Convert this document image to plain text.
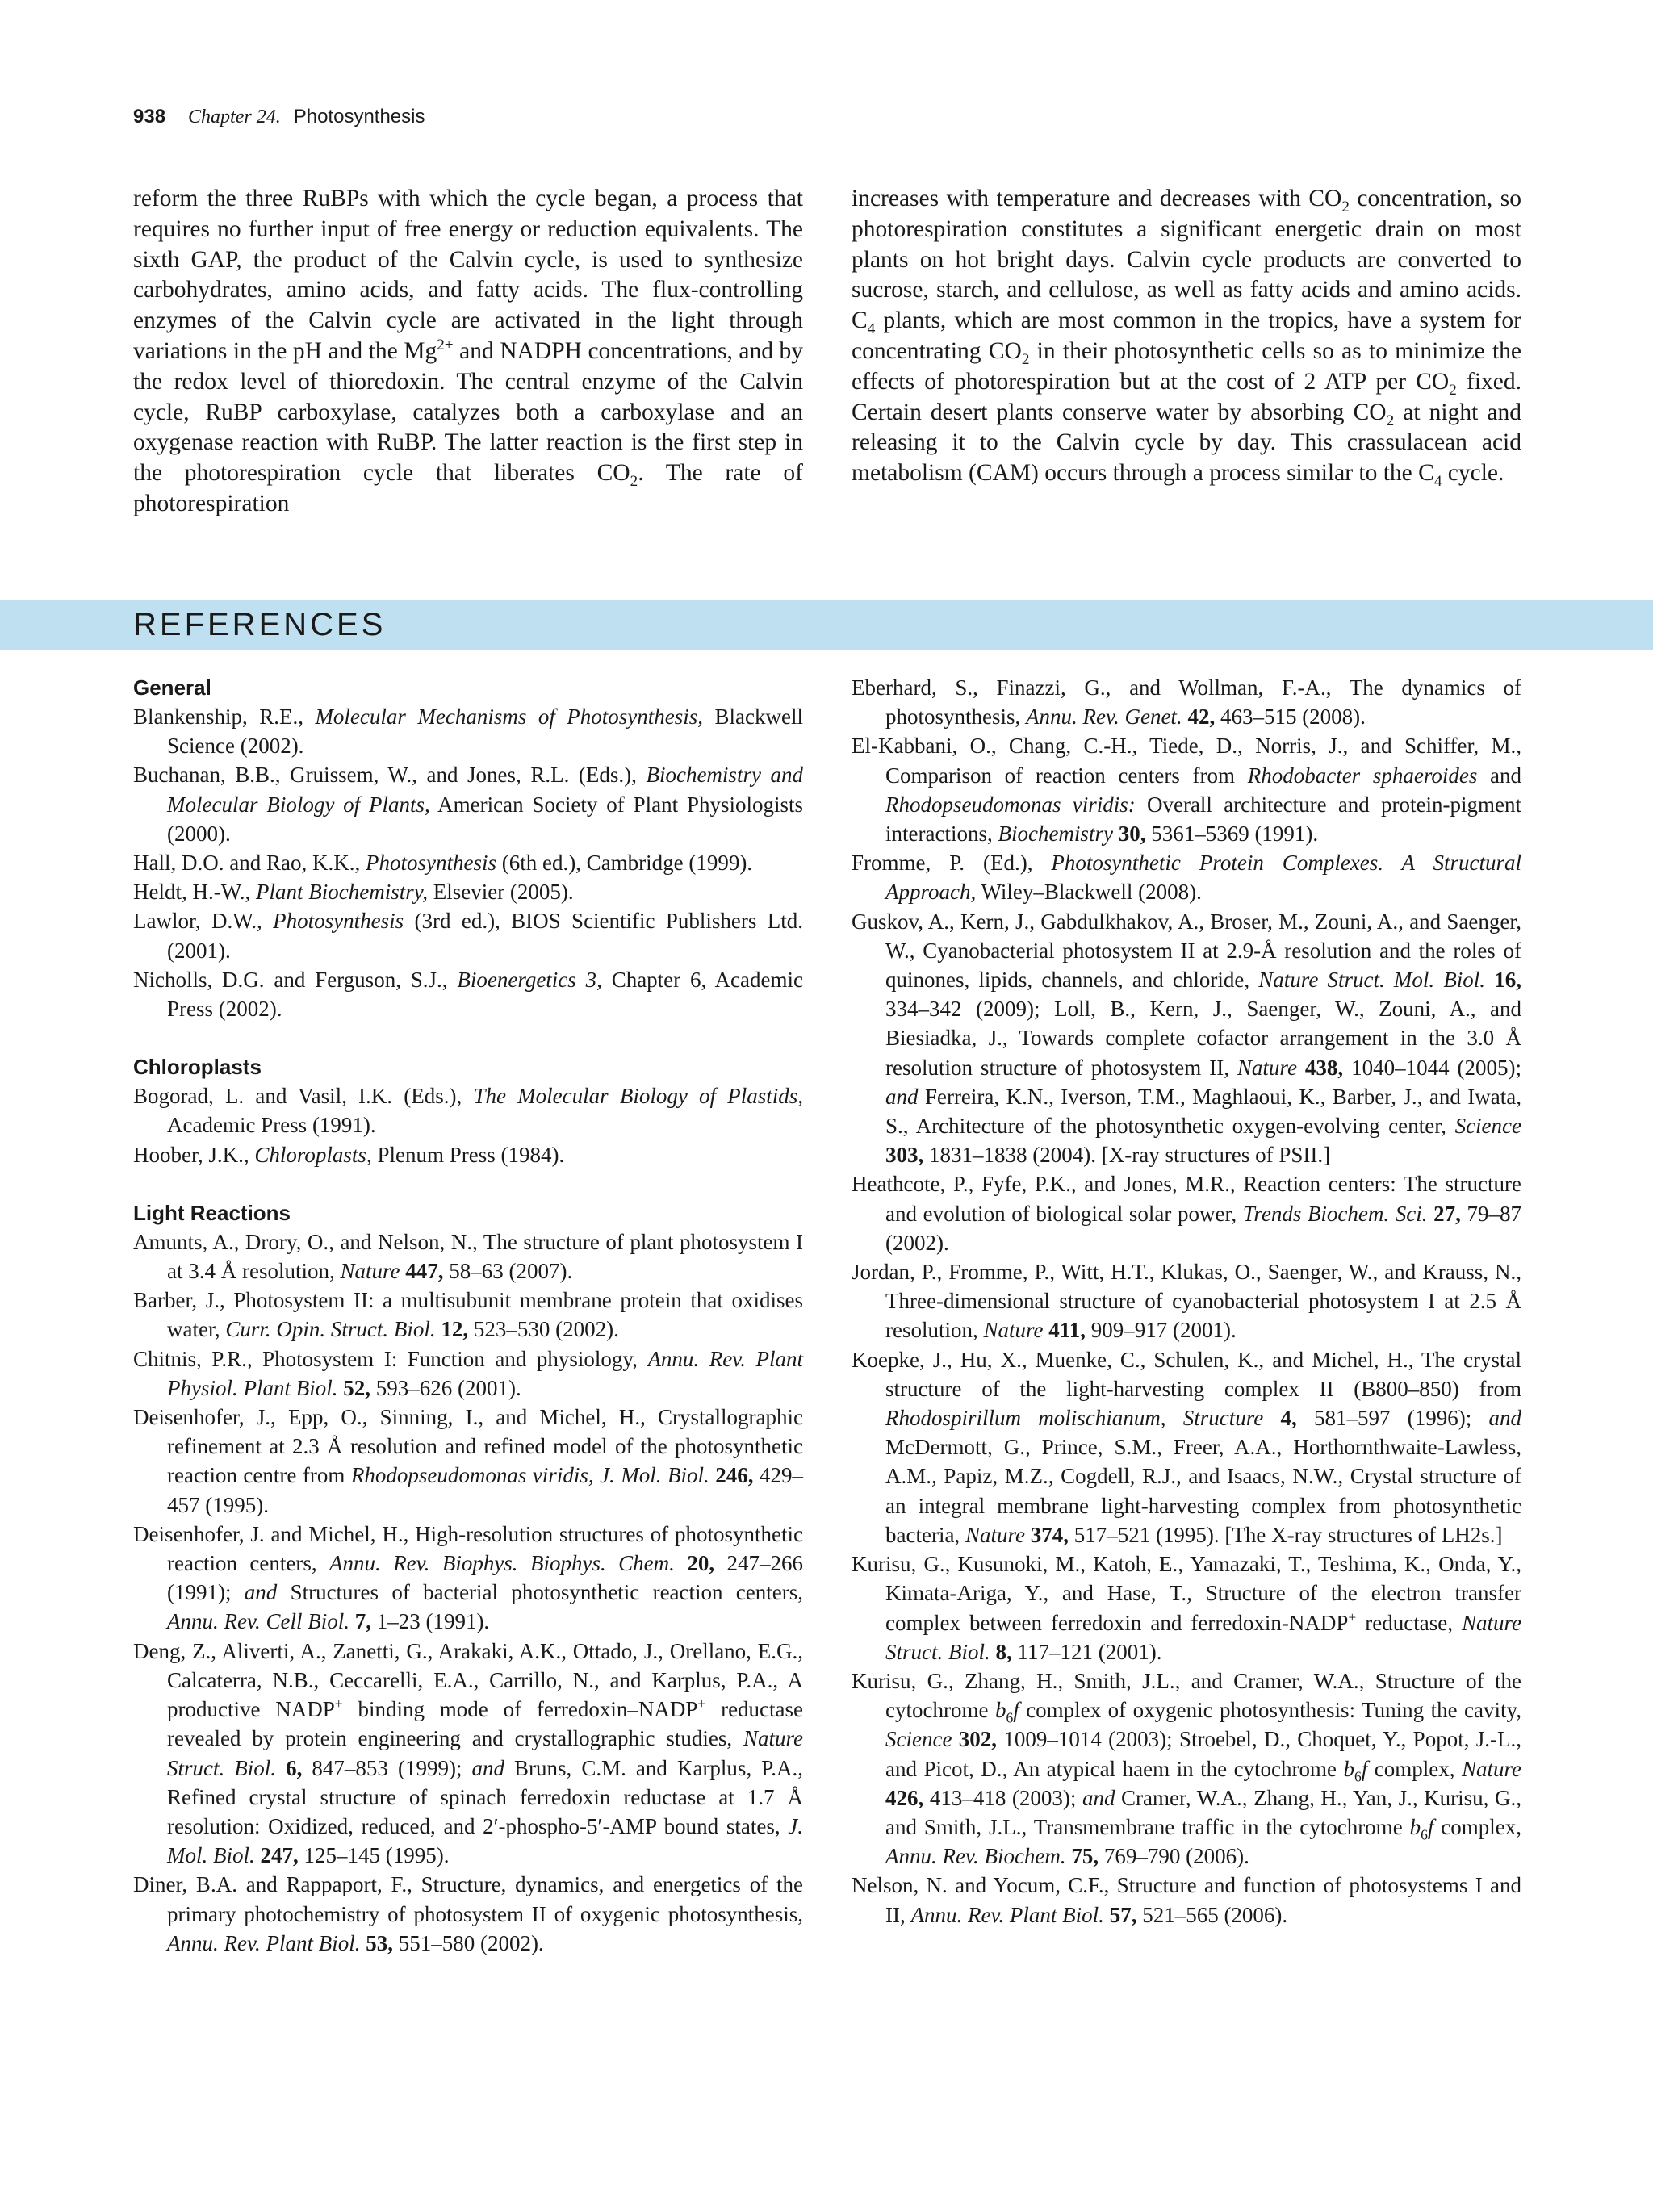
938 Chapter 24. Photosynthesis
reform the three RuBPs with which the cycle began, a process that requires no further input of free energy or reduction equivalents. The sixth GAP, the product of the Calvin cycle, is used to synthesize carbohydrates, amino acids, and fatty acids. The flux-controlling enzymes of the Calvin cycle are activated in the light through variations in the pH and the $Mg^{2+}$ and NADPH concentrations, and by the redox level of thioredoxin. The central enzyme of the Calvin cycle, RuBP carboxylase, catalyzes both a carboxylase and an oxygenase reaction with RuBP. The latter reaction is the first step in the photorespiration cycle that liberates $CO_2$. The rate of photorespiration
increases with temperature and decreases with $CO_2$ concentration, so photorespiration constitutes a significant energetic drain on most plants on hot bright days. Calvin cycle products are converted to sucrose, starch, and cellulose, as well as fatty acids and amino acids. $C_4$ plants, which are most common in the tropics, have a system for concentrating $CO_2$ in their photosynthetic cells so as to minimize the effects of photorespiration but at the cost of 2 ATP per $CO_2$ fixed. Certain desert plants conserve water by absorbing $CO_2$ at night and releasing it to the Calvin cycle by day. This crassulacean acid metabolism (CAM) occurs through a process similar to the $C_4$ cycle.
REFERENCES
General

Blankenship, R.E., Molecular Mechanisms of Photosynthesis, Blackwell Science (2002).

Buchanan, B.B., Gruissem, W., and Jones, R.L. (Eds.), Biochemistry and Molecular Biology of Plants, American Society of Plant Physiologists (2000).

Hall, D.O. and Rao, K.K., Photosynthesis (6th ed.), Cambridge (1999).

Heldt, H.-W., Plant Biochemistry, Elsevier (2005).

Lawlor, D.W., Photosynthesis (3rd ed.), BIOS Scientific Publishers Ltd. (2001).

Nicholls, D.G. and Ferguson, S.J., Bioenergetics 3, Chapter 6, Academic Press (2002).

Chloroplasts

Bogorad, L. and Vasil, I.K. (Eds.), The Molecular Biology of Plastids, Academic Press (1991).

Hoober, J.K., Chloroplasts, Plenum Press (1984).

Light Reactions

Amunts, A., Drory, O., and Nelson, N., The structure of plant photosystem I at 3.4 Å resolution, Nature 447, 58–63 (2007).

Barber, J., Photosystem II: a multisubunit membrane protein that oxidises water, Curr. Opin. Struct. Biol. 12, 523–530 (2002).

Chitnis, P.R., Photosystem I: Function and physiology, Annu. Rev. Plant Physiol. Plant Biol. 52, 593–626 (2001).

Deisenhofer, J., Epp, O., Sinning, I., and Michel, H., Crystallographic refinement at 2.3 Å resolution and refined model of the photosynthetic reaction centre from Rhodopseudomonas viridis, J. Mol. Biol. 246, 429–457 (1995).

Deisenhofer, J. and Michel, H., High-resolution structures of photosynthetic reaction centers, Annu. Rev. Biophys. Biophys. Chem. 20, 247–266 (1991); and Structures of bacterial photosynthetic reaction centers, Annu. Rev. Cell Biol. 7, 1–23 (1991).

Deng, Z., Aliverti, A., Zanetti, G., Arakaki, A.K., Ottado, J., Orellano, E.G., Calcaterra, N.B., Ceccarelli, E.A., Carrillo, N., and Karplus, P.A., A productive NADP+ binding mode of ferredoxin–NADP+ reductase revealed by protein engineering and crystallographic studies, Nature Struct. Biol. 6, 847–853 (1999); and Bruns, C.M. and Karplus, P.A., Refined crystal structure of spinach ferredoxin reductase at 1.7 Å resolution: Oxidized, reduced, and 2′-phospho-5′-AMP bound states, J. Mol. Biol. 247, 125–145 (1995).

Diner, B.A. and Rappaport, F., Structure, dynamics, and energetics of the primary photochemistry of photosystem II of oxygenic photosynthesis, Annu. Rev. Plant Biol. 53, 551–580 (2002).

Eberhard, S., Finazzi, G., and Wollman, F.-A., The dynamics of photosynthesis, Annu. Rev. Genet. 42, 463–515 (2008).

El-Kabbani, O., Chang, C.-H., Tiede, D., Norris, J., and Schiffer, M., Comparison of reaction centers from Rhodobacter sphaeroides and Rhodopseudomonas viridis: Overall architecture and protein-pigment interactions, Biochemistry 30, 5361–5369 (1991).

Fromme, P. (Ed.), Photosynthetic Protein Complexes. A Structural Approach, Wiley–Blackwell (2008).

Guskov, A., Kern, J., Gabdulkhakov, A., Broser, M., Zouni, A., and Saenger, W., Cyanobacterial photosystem II at 2.9-Å resolution and the roles of quinones, lipids, channels, and chloride, Nature Struct. Mol. Biol. 16, 334–342 (2009); Loll, B., Kern, J., Saenger, W., Zouni, A., and Biesiadka, J., Towards complete cofactor arrangement in the 3.0 Å resolution structure of photosystem II, Nature 438, 1040–1044 (2005); and Ferreira, K.N., Iverson, T.M., Maghlaoui, K., Barber, J., and Iwata, S., Architecture of the photosynthetic oxygen-evolving center, Science 303, 1831–1838 (2004). [X-ray structures of PSII.]

Heathcote, P., Fyfe, P.K., and Jones, M.R., Reaction centers: The structure and evolution of biological solar power, Trends Biochem. Sci. 27, 79–87 (2002).

Jordan, P., Fromme, P., Witt, H.T., Klukas, O., Saenger, W., and Krauss, N., Three-dimensional structure of cyanobacterial photosystem I at 2.5 Å resolution, Nature 411, 909–917 (2001).

Koepke, J., Hu, X., Muenke, C., Schulen, K., and Michel, H., The crystal structure of the light-harvesting complex II (B800–850) from Rhodospirillum molischianum, Structure 4, 581–597 (1996); and McDermott, G., Prince, S.M., Freer, A.A., Horthornthwaite-Lawless, A.M., Papiz, M.Z., Cogdell, R.J., and Isaacs, N.W., Crystal structure of an integral membrane light-harvesting complex from photosynthetic bacteria, Nature 374, 517–521 (1995). [The X-ray structures of LH2s.]

Kurisu, G., Kusunoki, M., Katoh, E., Yamazaki, T., Teshima, K., Onda, Y., Kimata-Ariga, Y., and Hase, T., Structure of the electron transfer complex between ferredoxin and ferredoxin-NADP+ reductase, Nature Struct. Biol. 8, 117–121 (2001).

Kurisu, G., Zhang, H., Smith, J.L., and Cramer, W.A., Structure of the cytochrome $b_6f$ complex of oxygenic photosynthesis: Tuning the cavity, Science 302, 1009–1014 (2003); Stroebel, D., Choquet, Y., Popot, J.-L., and Picot, D., An atypical haem in the cytochrome $b_6f$ complex, Nature 426, 413–418 (2003); and Cramer, W.A., Zhang, H., Yan, J., Kurisu, G., and Smith, J.L., Transmembrane traffic in the cytochrome $b_6f$ complex, Annu. Rev. Biochem. 75, 769–790 (2006).

Nelson, N. and Yocum, C.F., Structure and function of photosystems I and II, Annu. Rev. Plant Biol. 57, 521–565 (2006).
